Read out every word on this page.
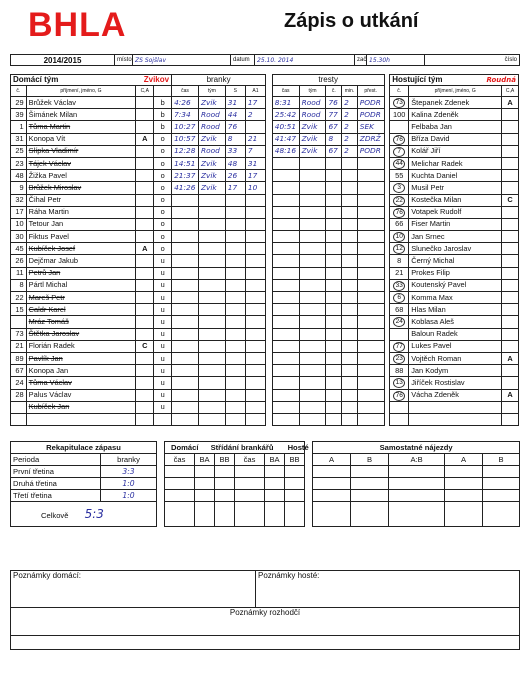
BHLA	Zápis o utkání
2014/2015	místo	ZS Sojšlav	datum	25.10. 2014	zač	15.30h	číslo
Domácí tým Zvikov				branky					tresty						Hostující tým Roudná		

č.	příjmení, jméno, G	C,A		čas	tým	S	A1		čas	tým	č.	min.	přest.		č.	příjmení, jméno, G	C,A
29	Brůžek Václav		b	4:26	Zvik	31	17		8:31	Rood	76	2	PODR		73	Štepanek Zdenek	A
39	Šimánek Milan		b	7:34	Rood	44	2		25:42	Rood	77	2	PODR		100	Kalina Zdeněk	
1	Tůma Martin		b	10:27	Rood	76			40:51	Zvik	67	2	SEK			Felbaba Jan	
31	Konopa Vít	A	o	10:57	Zvik	8	21		41:47	Zvik	8	2	ZDRŽ		76	Bříza David	
25	Slípka Vladimír		o	12:28	Rood	33	7		48:16	Zvik	67	2	PODR		7	Kolář Jiří	
23	Tájek Václav		o	14:51	Zvik	48	31								44	Melichar Radek	
48	Žižka Pavel		o	21:37	Zvik	26	17								55	Kuchta Daniel	
9	Brůžek Miroslav		o	41:26	Zvik	17	10								3	Musil Petr	
32	Čihal Petr		o												22	Kostečka Milan	C
17	Ráha Martin		o												76	Votapek Rudolf	
10	Tetour Jan		o												66	Fiser Martin	
30	Fiktus Pavel		o												10	Jan Srnec	
45	Kubíček Josef	A	o												12	Slunečko Jaroslav	
26	Dejčmar Jakub		u												8	Černý Michal	
11	Petrů Jan		u												21	Prokes Filip	
8	Pártl Michal		u												33	Koutenský Pavel	
22	Mareš Petr		u												6	Komma Max	
15	Caldr Karel		u												68	Hlas Milan	
	Mráz Tomáš		u												24	Koblasa Aleš	
73	Štětka Jaroslav		u													Baloun Radek	
21	Florián Radek	C	u												77	Lukes Pavel	
89	Pavlík Jan		u												23	Vojtěch Roman	A
67	Konopa Jan		u												88	Jan Kodym	
24	Tůma Václav		u												13	Jiříček Rostislav	
28	Palus Václav		u												76	Vácha Zdeněk	A
	Kubíček Jan		u														

Rekapitulace zápasu			Domácí Střídání brankářů Hosté							Samostatné nájezdy				
Perioda	branky		čas	BA	BB	čas	BA	BB		A	B	A:B	A	B
První třetina	3:3													
Druhá třetina	1:0													
Třetí třetina	1:0													
Celkově 5:3														
Poznámky domácí:	Poznámky hosté:
Poznámky rozhodčí
